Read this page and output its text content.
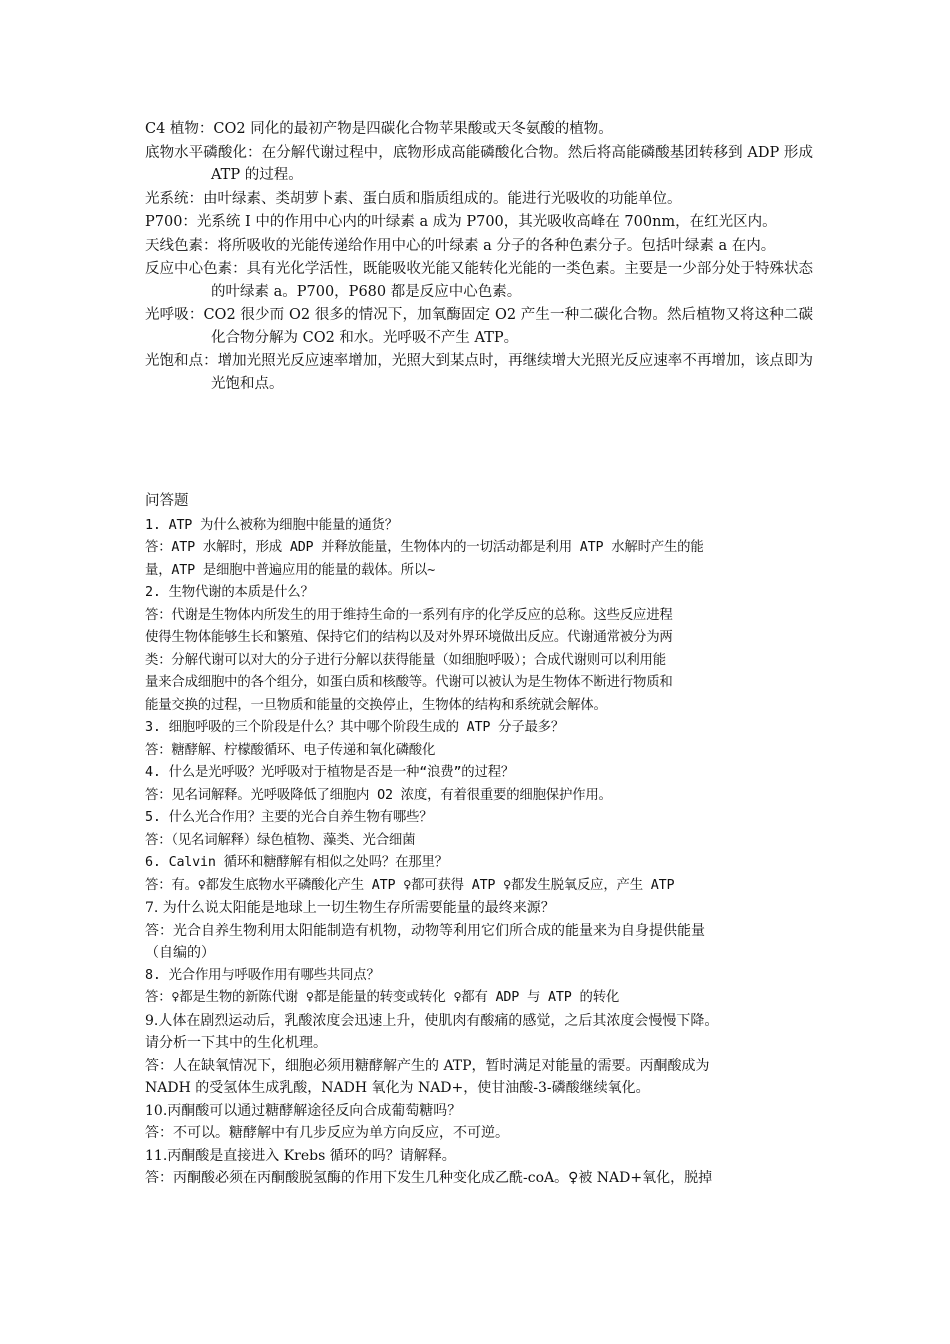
C4 植物：CO2 同化的最初产物是四碳化合物苹果酸或天冬氨酸的植物。
底物水平磷酸化：在分解代谢过程中，底物形成高能磷酸化合物。然后将高能磷酸基团转移到 ADP 形成 ATP 的过程。
光系统：由叶绿素、类胡萝卜素、蛋白质和脂质组成的。能进行光吸收的功能单位。
P700：光系统 I 中的作用中心内的叶绿素 a 成为 P700，其光吸收高峰在 700nm，在红光区内。
天线色素：将所吸收的光能传递给作用中心的叶绿素 a 分子的各种色素分子。包括叶绿素 a 在内。
反应中心色素：具有光化学活性，既能吸收光能又能转化光能的一类色素。主要是一少部分处于特殊状态的叶绿素 a。P700，P680 都是反应中心色素。
光呼吸：CO2 很少而 O2 很多的情况下，加氧酶固定 O2 产生一种二碳化合物。然后植物又将这种二碳化合物分解为 CO2 和水。光呼吸不产生 ATP。
光饱和点：增加光照光反应速率增加，光照大到某点时，再继续增大光照光反应速率不再增加，该点即为光饱和点。
问答题
1. ATP 为什么被称为细胞中能量的通货？
答：ATP 水解时，形成 ADP 并释放能量，生物体内的一切活动都是利用 ATP 水解时产生的能
量，ATP 是细胞中普遍应用的能量的载体。所以~
2. 生物代谢的本质是什么？
答：代谢是生物体内所发生的用于维持生命的一系列有序的化学反应的总称。这些反应进程
使得生物体能够生长和繁殖、保持它们的结构以及对外界环境做出反应。代谢通常被分为两
类：分解代谢可以对大的分子进行分解以获得能量（如细胞呼吸）；合成代谢则可以利用能
量来合成细胞中的各个组分，如蛋白质和核酸等。代谢可以被认为是生物体不断进行物质和
能量交换的过程，一旦物质和能量的交换停止，生物体的结构和系统就会解体。
3. 细胞呼吸的三个阶段是什么？其中哪个阶段生成的 ATP 分子最多？
答：糖酵解、柠檬酸循环、电子传递和氧化磷酸化
4. 什么是光呼吸？光呼吸对于植物是否是一种“浪费”的过程？
答：见名词解释。光呼吸降低了细胞内 O2 浓度，有着很重要的细胞保护作用。
5. 什么光合作用？主要的光合自养生物有哪些？
答：（见名词解释）绿色植物、藻类、光合细菌
6. Calvin 循环和糖酵解有相似之处吗？在那里？
答：有。♀都发生底物水平磷酸化产生 ATP ♀都可获得 ATP ♀都发生脱氧反应，产生 ATP
7. 为什么说太阳能是地球上一切生物生存所需要能量的最终来源？
答：光合自养生物利用太阳能制造有机物，动物等利用它们所合成的能量来为自身提供能量
（自编的）
8. 光合作用与呼吸作用有哪些共同点？
答：♀都是生物的新陈代谢 ♀都是能量的转变或转化 ♀都有 ADP 与 ATP 的转化
9.人体在剧烈运动后，乳酸浓度会迅速上升，使肌肉有酸痛的感觉，之后其浓度会慢慢下降。
请分析一下其中的生化机理。
答：人在缺氧情况下，细胞必须用糖酵解产生的 ATP，暂时满足对能量的需要。丙酮酸成为
NADH 的受氢体生成乳酸，NADH 氧化为 NAD+，使甘油酸-3-磷酸继续氧化。
10.丙酮酸可以通过糖酵解途径反向合成葡萄糖吗？
答：不可以。糖酵解中有几步反应为单方向反应，不可逆。
11.丙酮酸是直接进入 Krebs 循环的吗？请解释。
答：丙酮酸必须在丙酮酸脱氢酶的作用下发生几种变化成乙酰-coA。♀被 NAD+氧化，脱掉
